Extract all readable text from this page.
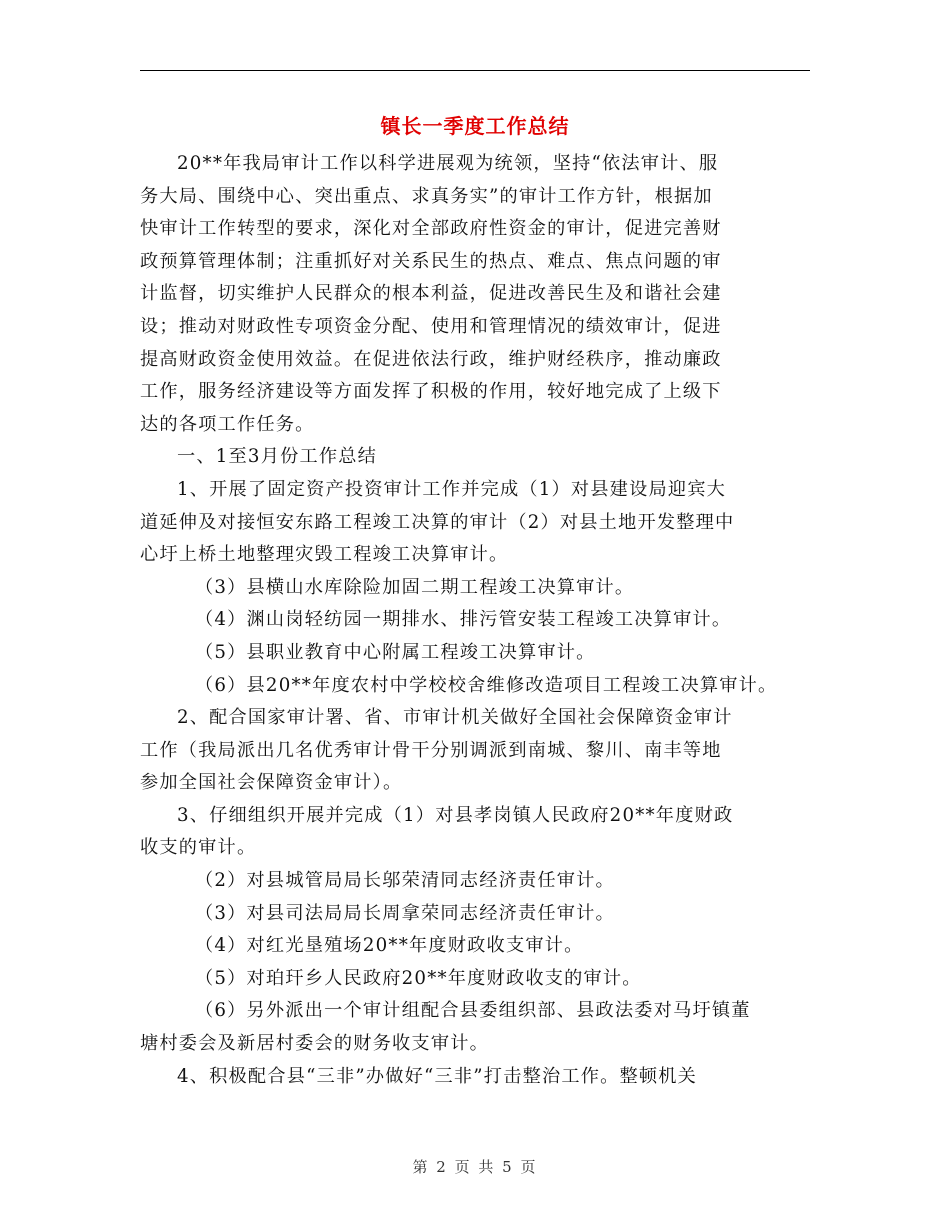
镇长一季度工作总结
20**年我局审计工作以科学进展观为统领，坚持“依法审计、服
务大局、围绕中心、突出重点、求真务实”的审计工作方针，根据加
快审计工作转型的要求，深化对全部政府性资金的审计，促进完善财
政预算管理体制；注重抓好对关系民生的热点、难点、焦点问题的审
计监督，切实维护人民群众的根本利益，促进改善民生及和谐社会建
设；推动对财政性专项资金分配、使用和管理情况的绩效审计，促进
提高财政资金使用效益。在促进依法行政，维护财经秩序，推动廉政
工作，服务经济建设等方面发挥了积极的作用，较好地完成了上级下
达的各项工作任务。
一、1至3月份工作总结
1、开展了固定资产投资审计工作并完成（1）对县建设局迎宾大
道延伸及对接恒安东路工程竣工决算的审计（2）对县土地开发整理中
心圩上桥土地整理灾毁工程竣工决算审计。
（3）县横山水库除险加固二期工程竣工决算审计。
（4）渊山岗轻纺园一期排水、排污管安装工程竣工决算审计。
（5）县职业教育中心附属工程竣工决算审计。
（6）县20**年度农村中学校校舍维修改造项目工程竣工决算审计。
2、配合国家审计署、省、市审计机关做好全国社会保障资金审计
工作（我局派出几名优秀审计骨干分别调派到南城、黎川、南丰等地
参加全国社会保障资金审计）。
3、仔细组织开展并完成（1）对县孝岗镇人民政府20**年度财政
收支的审计。
（2）对县城管局局长邬荣清同志经济责任审计。
（3）对县司法局局长周拿荣同志经济责任审计。
（4）对红光垦殖场20**年度财政收支审计。
（5）对珀玕乡人民政府20**年度财政收支的审计。
（6）另外派出一个审计组配合县委组织部、县政法委对马圩镇董
塘村委会及新居村委会的财务收支审计。
4、积极配合县“三非”办做好“三非”打击整治工作。整顿机关
第 2 页 共 5 页
